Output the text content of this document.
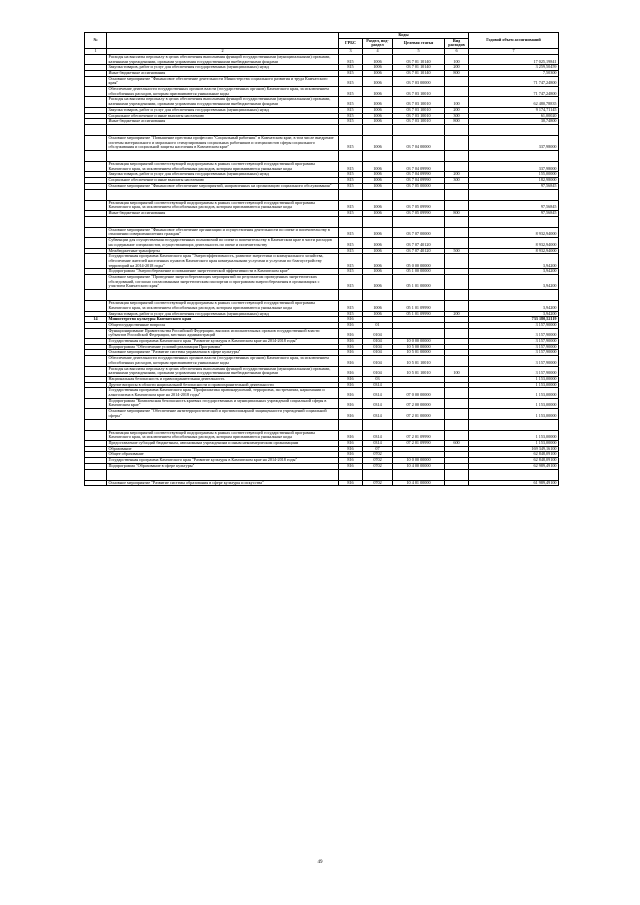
№		Коды				Годовой объем ассигнований
		ГРБС	Раздел, под-раздел	Целевая статья	Вид расходов	
1	2	3	4	5	6	7
	Расходы на выплаты персоналу в целях обеспечения выполнения функций государственными (муниципальными) органами, казенными учреждениями, органами управления государственными внебюджетными фондами	815	1006	03 7 01 10140	100	17 025,19841
	Закупка товаров, работ и услуг для обеспечения государственных (муниципальных) нужд	815	1006	03 7 01 10140	200	3 259,50459
	Иные бюджетные ассигнования	815	1006	03 7 01 10140	800	7,50300
	Основное мероприятие "Финансовое обеспечение деятельности Министерства социального развития и труда Камчатского края"	815	1006	03 7 03 00000		71 747,24800
	Обеспечение деятельности государственных органов власти (государственных органов) Камчатского края, за исключением обособленных расходов, которым присваиваются уникальные коды	815	1006	03 7 03 10010		71 747,24800
	Расходы на выплаты персоналу в целях обеспечения выполнения функций государственными (муниципальными) органами, казенными учреждениями, органами управления государственными внебюджетными фондами	815	1006	03 7 03 10010	100	62 480,78835
	Закупка товаров, работ и услуг для обеспечения государственных (муниципальных) нужд	815	1006	03 7 03 10010	200	9 174,71145
	Социальное обеспечение и иные выплаты населению	815	1006	03 7 03 10010	300	61,00020
	Иные бюджетные ассигнования	815	1006	03 7 03 10010	800	30,74800

	Основное мероприятие "Повышение престижа профессии "Социальный работник" в Камчатском крае, в том числе внедрение системы материального и морального стимулирования социальных работников и специалистов сферы социального обслуживания и социальной защиты населения в Камчатском крае"	815	1006	03 7 04 00000		337,98000

	Реализация мероприятий соответствующей подпрограммы в рамках соответствующей государственной программы Камчатского края, за исключением обособленных расходов, которым присваиваются уникальные коды	815	1006	03 7 04 09990		337,98000
	Закупка товаров, работ и услуг для обеспечения государственных (муниципальных) нужд	815	1006	03 7 04 09990	200	155,00000
	Социальное обеспечение и иные выплаты населению	815	1006	03 7 04 09990	300	182,98000
	Основное мероприятие "Финансовое обеспечение мероприятий, направленных на организацию социального обслуживания"	815	1006	03 7 05 00000		97,56845

	Реализация мероприятий соответствующей подпрограммы в рамках соответствующей государственной программы Камчатского края, за исключением обособленных расходов, которым присваиваются уникальные коды	815	1006	03 7 05 09990		97,56845
	Иные бюджетные ассигнования	815	1006	03 7 05 09990	800	97,56845

	Основное мероприятие "Финансовое обеспечение организации и осуществления деятельности по опеке и попечительству в отношении совершеннолетних граждан"	815	1006	03 7 07 00000		8 932,94000
	Субвенции для осуществления государственных полномочий по опеке и попечительству в Камчатском крае в части расходов на содержание специалистов, осуществляющих деятельность по опеке и попечительству	815	1006	03 7 07 40120		8 932,94000
	Межбюджетные трансферты	815	1006	03 7 07 40120	500	8 932,94000
	Государственная программа Камчатского края "Энергоэффективность, развитие энергетики и коммунального хозяйства, обеспечение жителей населенных пунктов Камчатского края коммунальными услугами и услугами по благоустройству территорий на 2014-2018 годы"	815	1006	05 0 00 00000		3,94200
	Подпрограмма "Энергосбережение и повышение энергетической эффективности в Камчатском крае"	815	1006	05 1 00 00000		3,94200
	Основное мероприятие "Проведение энергосберегающих мероприятий по результатам проведенных энергетических обследований, согласно согласованным энергетическим паспортам и программам энергосбережения в организациях с участием Камчатского края"	815	1006	05 1 01 00000		3,94200

	Реализация мероприятий соответствующей подпрограммы в рамках соответствующей государственной программы Камчатского края, за исключением обособленных расходов, которым присваиваются уникальные коды	815	1006	05 1 01 09990		3,94200
	Закупка товаров, работ и услуг для обеспечения государственных (муниципальных) нужд	815	1006	05 1 01 09990	200	3,94200
14	Министерство культуры Камчатского края	816				733 180,52119
	Общегосударственные вопросы	816	01			3 157,90000
	Функционирование Правительства Российской Федерации, высших исполнительных органов государственной власти субъектов Российской Федерации, местных администраций	816	0104			3 157,90000
	Государственная программа Камчатского края "Развитие культуры в Камчатском крае на 2014-2018 годы"	816	0104	10 0 00 00000		3 157,90000
	Подпрограмма "Обеспечение условий реализации Программы"	816	0104	10 5 00 00000		3 157,90000
	Основное мероприятие "Развитие системы управления в сфере культуры"	816	0104	10 5 01 00000		3 157,90000
	Обеспечение деятельности государственных органов власти (государственных органов) Камчатского края, за исключением обособленных расходов, которым присваиваются уникальные коды	816	0104	10 5 01 10010		3 157,90000
	Расходы на выплаты персоналу в целях обеспечения выполнения функций государственными (муниципальными) органами, казенными учреждениями, органами управления государственными внебюджетными фондами	816	0104	10 5 01 10010	100	3 157,90000
	Национальная безопасность и правоохранительная деятельность	816	03			1 153,00000
	Другие вопросы в области национальной безопасности и правоохранительной деятельности	816	0314			1 153,00000
	Государственная программа Камчатского края "Профилактика правонарушений, терроризма, экстремизма, наркомании и алкоголизма в Камчатском крае на 2014-2018 годы"	816	0314	07 0 00 00000		1 153,00000
	Подпрограмма "Комплексная безопасность краевых государственных и муниципальных учреждений социальной сферы в Камчатском крае"	816	0314	07 2 00 00000		1 153,00000
	Основное мероприятие "Обеспечение антитеррористической и противопожарной защищенности учреждений социальной сферы"	816	0314	07 2 01 00000		1 153,00000

	Реализация мероприятий соответствующей подпрограммы в рамках соответствующей государственной программы Камчатского края, за исключением обособленных расходов, которым присваиваются уникальные коды	816	0314	07 2 01 09990		1 153,00000
	Предоставление субсидий бюджетным, автономным учреждениям и иным некоммерческим организациям	816	0314	07 2 01 09990	600	1 153,00000
	Образование	816	07			169 349,16100
	Общее образование	816	0702			62 848,09100
	Государственная программа Камчатского края "Развитие культуры в Камчатском крае на 2014-2018 годы"	816	0702	10 0 00 00000		62 848,09100
	Подпрограмма "Образование в сфере культуры"	816	0702	10 4 00 00000		62 989,49100

	Основное мероприятие "Развитие системы образования в сфере культуры и искусства"	816	0702	10 4 01 00000		61 989,49100
49
